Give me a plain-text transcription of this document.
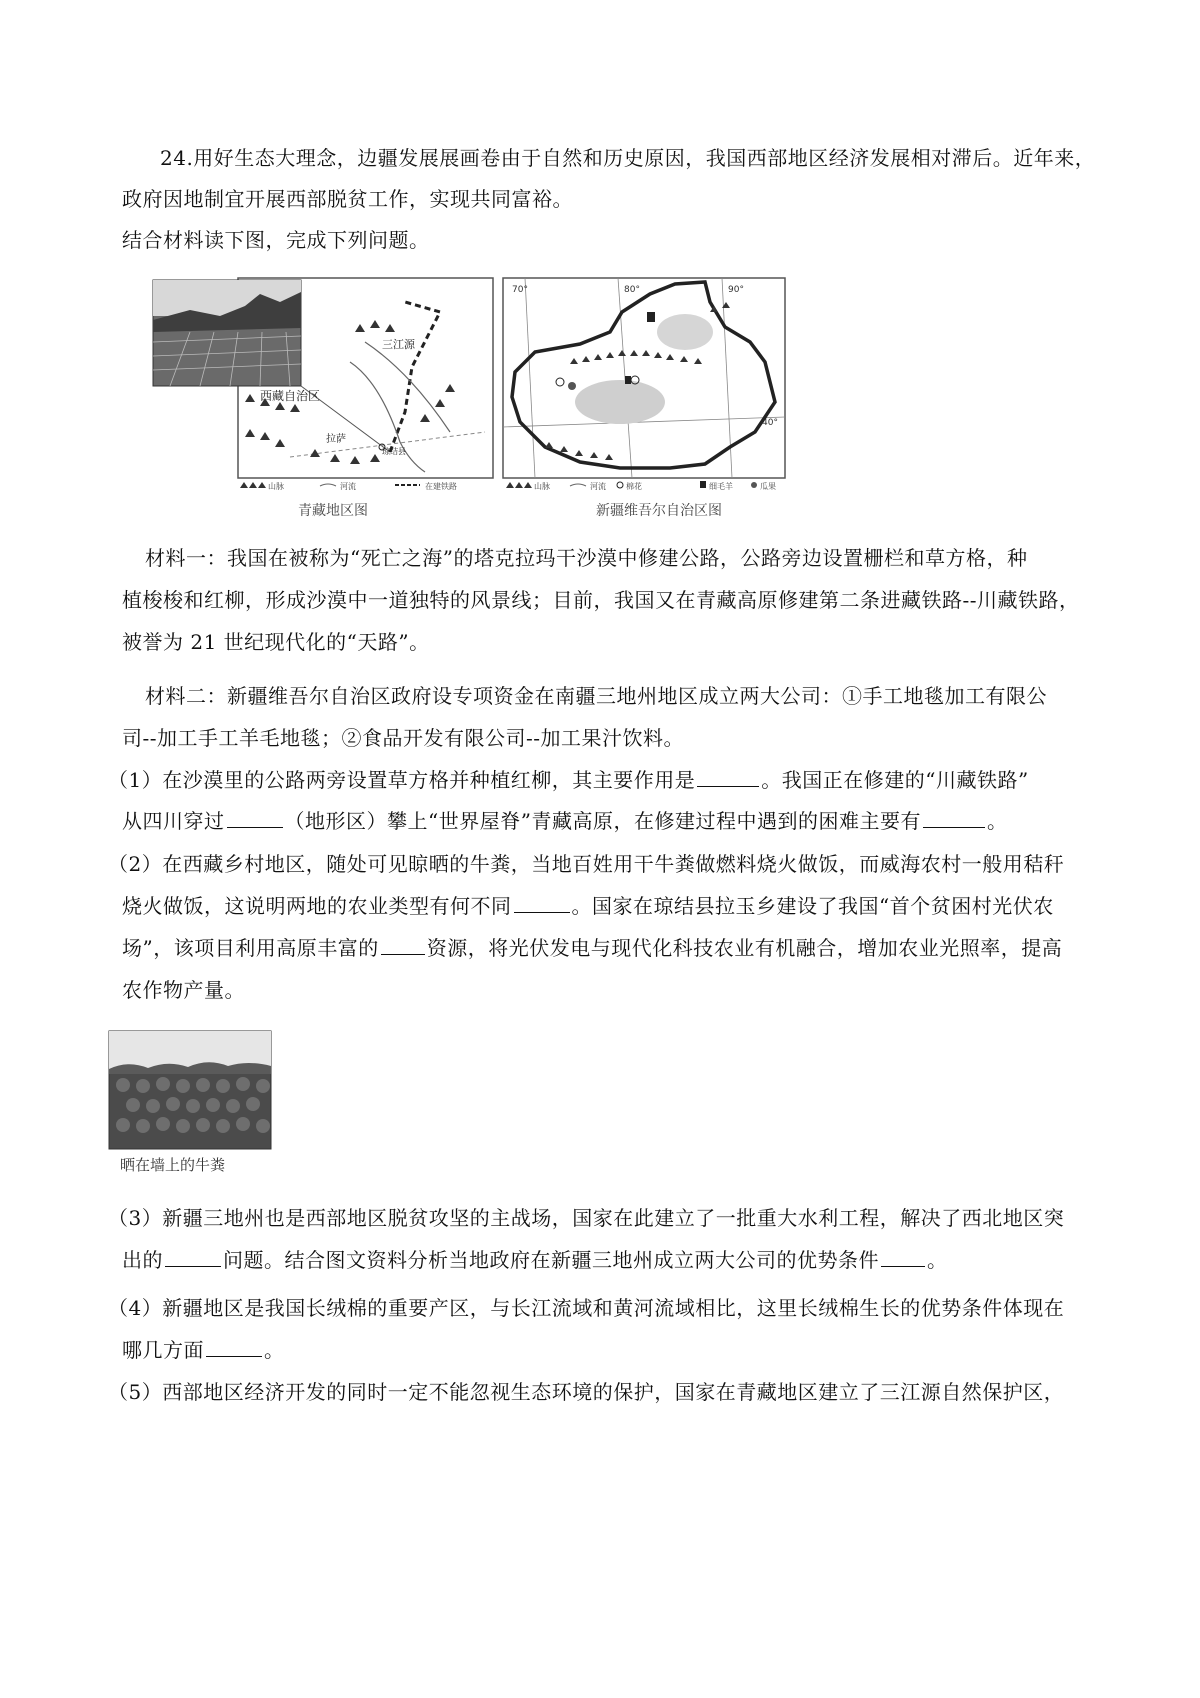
24.用好生态大理念，边疆发展展画卷由于自然和历史原因，我国西部地区经济发展相对滞后。近年来，
政府因地制宜开展西部脱贫工作，实现共同富裕。
结合材料读下图，完成下列问题。
西藏自治区
三江源
拉萨
琼结县
山脉	河流	在建铁路
70°	80°	90°
40°
山脉	河流	棉花	细毛羊	瓜果
青藏地区图	新疆维吾尔自治区图
材料一：我国在被称为“死亡之海”的塔克拉玛干沙漠中修建公路，公路旁边设置栅栏和草方格，种
植梭梭和红柳，形成沙漠中一道独特的风景线；目前，我国又在青藏高原修建第二条进藏铁路--川藏铁路，
被誉为 21 世纪现代化的“天路”。
材料二：新疆维吾尔自治区政府设专项资金在南疆三地州地区成立两大公司：①手工地毯加工有限公
司--加工手工羊毛地毯；②食品开发有限公司--加工果汁饮料。
（1）在沙漠里的公路两旁设置草方格并种植红柳，其主要作用是	。我国正在修建的“川藏铁路”
从四川穿过	（地形区）攀上“世界屋脊”青藏高原，在修建过程中遇到的困难主要有	。
（2）在西藏乡村地区，随处可见晾晒的牛粪，当地百姓用干牛粪做燃料烧火做饭，而威海农村一般用秸秆
烧火做饭，这说明两地的农业类型有何不同	。国家在琼结县拉玉乡建设了我国“首个贫困村光伏农
场”，该项目利用高原丰富的 资源，将光伏发电与现代化科技农业有机融合，增加农业光照率，提高
农作物产量。
晒在墙上的牛粪
（3）新疆三地州也是西部地区脱贫攻坚的主战场，国家在此建立了一批重大水利工程，解决了西北地区突
出的	问题。结合图文资料分析当地政府在新疆三地州成立两大公司的优势条件 。
（4）新疆地区是我国长绒棉的重要产区，与长江流域和黄河流域相比，这里长绒棉生长的优势条件体现在
哪几方面	。
（5）西部地区经济开发的同时一定不能忽视生态环境的保护，国家在青藏地区建立了三江源自然保护区，
